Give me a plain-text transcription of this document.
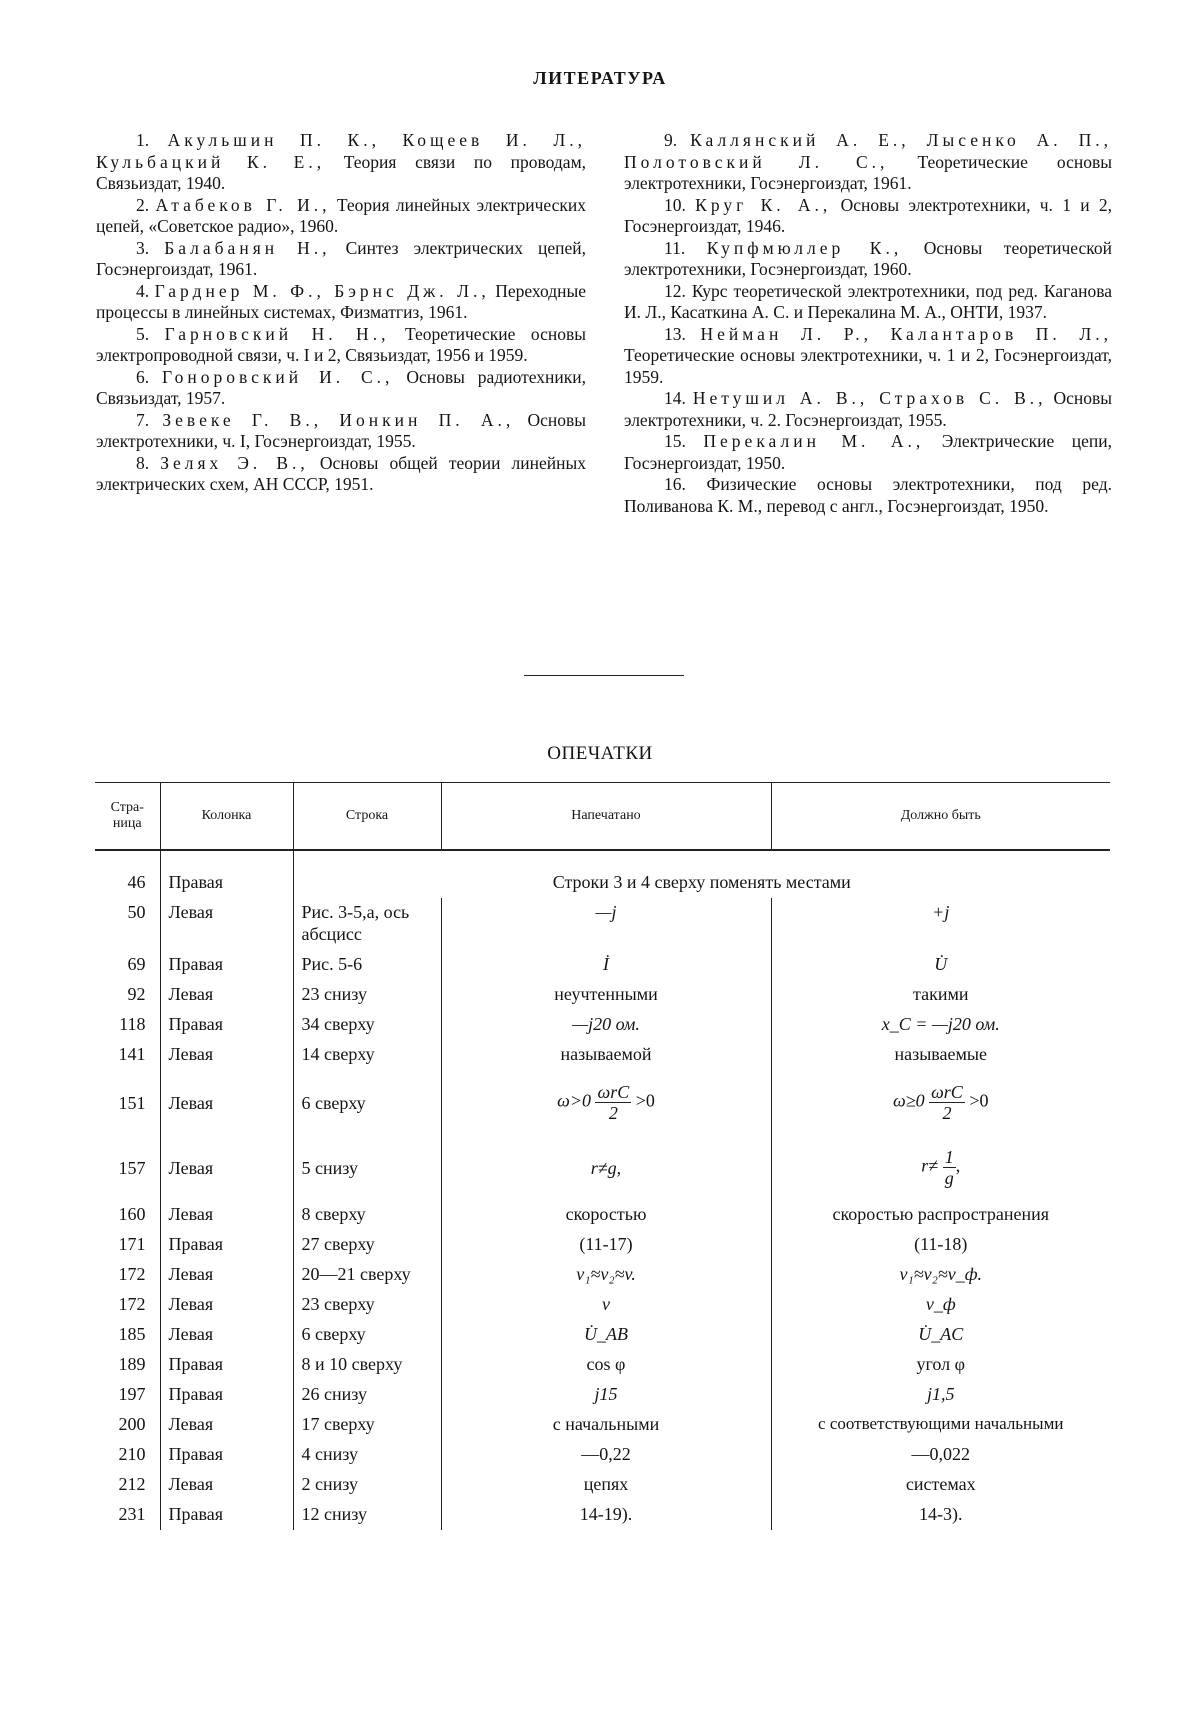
ЛИТЕРАТУРА

1. Акульшин П. К., Кощеев И. Л., Кульбацкий К. Е., Теория связи по проводам, Связьиздат, 1940.

2. Атабеков Г. И., Теория линейных электрических цепей, «Советское радио», 1960.

3. Балабанян Н., Синтез электрических цепей, Госэнергоиздат, 1961.

4. Гарднер М. Ф., Бэрнс Дж. Л., Переходные процессы в линейных системах, Физматгиз, 1961.

5. Гарновский Н. Н., Теоретические основы электропроводной связи, ч. I и 2, Связьиздат, 1956 и 1959.

6. Гоноровский И. С., Основы радиотехники, Связьиздат, 1957.

7. Зевеке Г. В., Ионкин П. А., Основы электротехники, ч. I, Госэнергоиздат, 1955.

8. Зелях Э. В., Основы общей теории линейных электрических схем, АН СССР, 1951.

9. Каллянский А. Е., Лысенко А. П., Полотовский Л. С., Теоретические основы электротехники, Госэнергоиздат, 1961.

10. Круг К. А., Основы электротехники, ч. 1 и 2, Госэнергоиздат, 1946.

11. Купфмюллер К., Основы теоретической электротехники, Госэнергоиздат, 1960.

12. Курс теоретической электротехники, под ред. Каганова И. Л., Касаткина А. С. и Перекалина М. А., ОНТИ, 1937.

13. Нейман Л. Р., Калантаров П. Л., Теоретические основы электротехники, ч. 1 и 2, Госэнергоиздат, 1959.

14. Нетушил А. В., Страхов С. В., Основы электротехники, ч. 2. Госэнергоиздат, 1955.

15. Перекалин М. А., Электрические цепи, Госэнергоиздат, 1950.

16. Физические основы электротехники, под ред. Поливанова К. М., перевод с англ., Госэнергоиздат, 1950.

ОПЕЧАТКИ
Стра-ница	Колонка	Строка	Напечатано	Должно быть
46	Правая	Строки 3 и 4 сверху поменять местами		
50	Левая	Рис. 3-5,а, ось абсцисс	—j	+j
69	Правая	Рис. 5-6	İ	U̇
92	Левая	23 снизу	неучтенными	такими
118	Правая	34 сверху	—j20 ом.	x_C = —j20 ом.
141	Левая	14 сверху	называемой	называемые
151	Левая	6 сверху	$\omega>0 \frac{\text{ωrC}}{2} >0$	$\omega\ge 0 \frac{\text{ωrC}}{2} >0$
157	Левая	5 снизу	r≠g,	$r\ne \frac{1}{g}$ ,
160	Левая	8 сверху	скоростью	скоростью распространения
171	Правая	27 сверху	(11-17)	(11-18)
172	Левая	20—21 сверху	v₁≈v₂≈v.	v₁≈v₂≈v_ф.
172	Левая	23 сверху	v	v_ф
185	Левая	6 сверху	U̇_AB	U̇_AC
189	Правая	8 и 10 сверху	cos φ	угол φ
197	Правая	26 снизу	j15	j1,5
200	Левая	17 сверху	с начальными	с соответствующими начальными
210	Правая	4 снизу	—0,22	—0,022
212	Левая	2 снизу	цепях	системах
231	Правая	12 снизу	14-19).	14-3).
